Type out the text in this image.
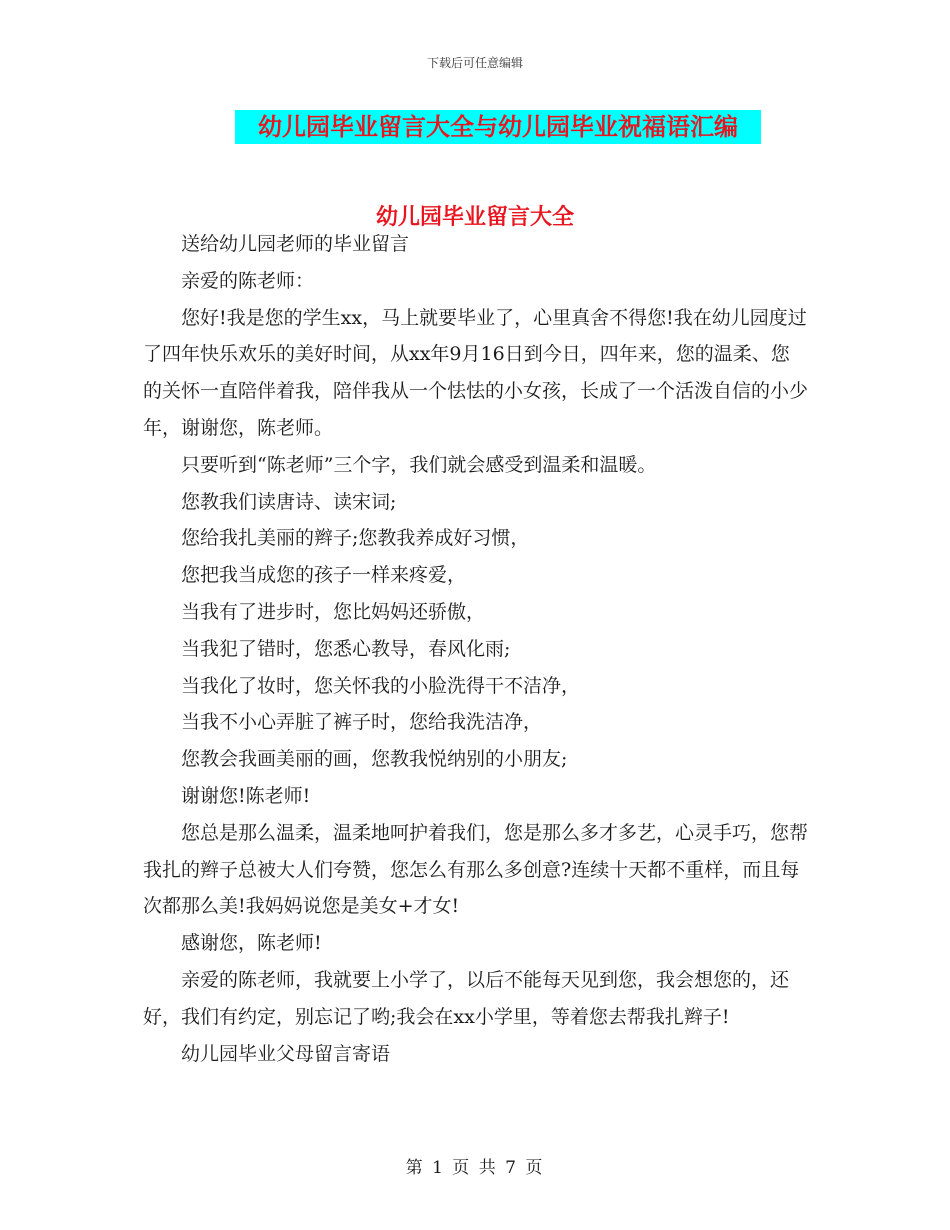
下载后可任意编辑
幼儿园毕业留言大全与幼儿园毕业祝福语汇编
幼儿园毕业留言大全

送给幼儿园老师的毕业留言

亲爱的陈老师：

您好!我是您的学生xx，马上就要毕业了，心里真舍不得您!我在幼儿园度过了四年快乐欢乐的美好时间，从xx年9月16日到今日，四年来，您的温柔、您的关怀一直陪伴着我，陪伴我从一个怯怯的小女孩，长成了一个活泼自信的小少年，谢谢您，陈老师。

只要听到“陈老师”三个字，我们就会感受到温柔和温暖。

您教我们读唐诗、读宋词;

您给我扎美丽的辫子;您教我养成好习惯，

您把我当成您的孩子一样来疼爱，

当我有了进步时，您比妈妈还骄傲，

当我犯了错时，您悉心教导，春风化雨;

当我化了妆时，您关怀我的小脸洗得干不洁净，

当我不小心弄脏了裤子时，您给我洗洁净，

您教会我画美丽的画，您教我悦纳别的小朋友;

谢谢您!陈老师!

您总是那么温柔，温柔地呵护着我们，您是那么多才多艺，心灵手巧，您帮我扎的辫子总被大人们夸赞，您怎么有那么多创意?连续十天都不重样，而且每次都那么美!我妈妈说您是美女+才女!

感谢您，陈老师!

亲爱的陈老师，我就要上小学了，以后不能每天见到您，我会想您的，还好，我们有约定，别忘记了哟;我会在xx小学里，等着您去帮我扎辫子!

幼儿园毕业父母留言寄语

第 1 页 共 7 页
